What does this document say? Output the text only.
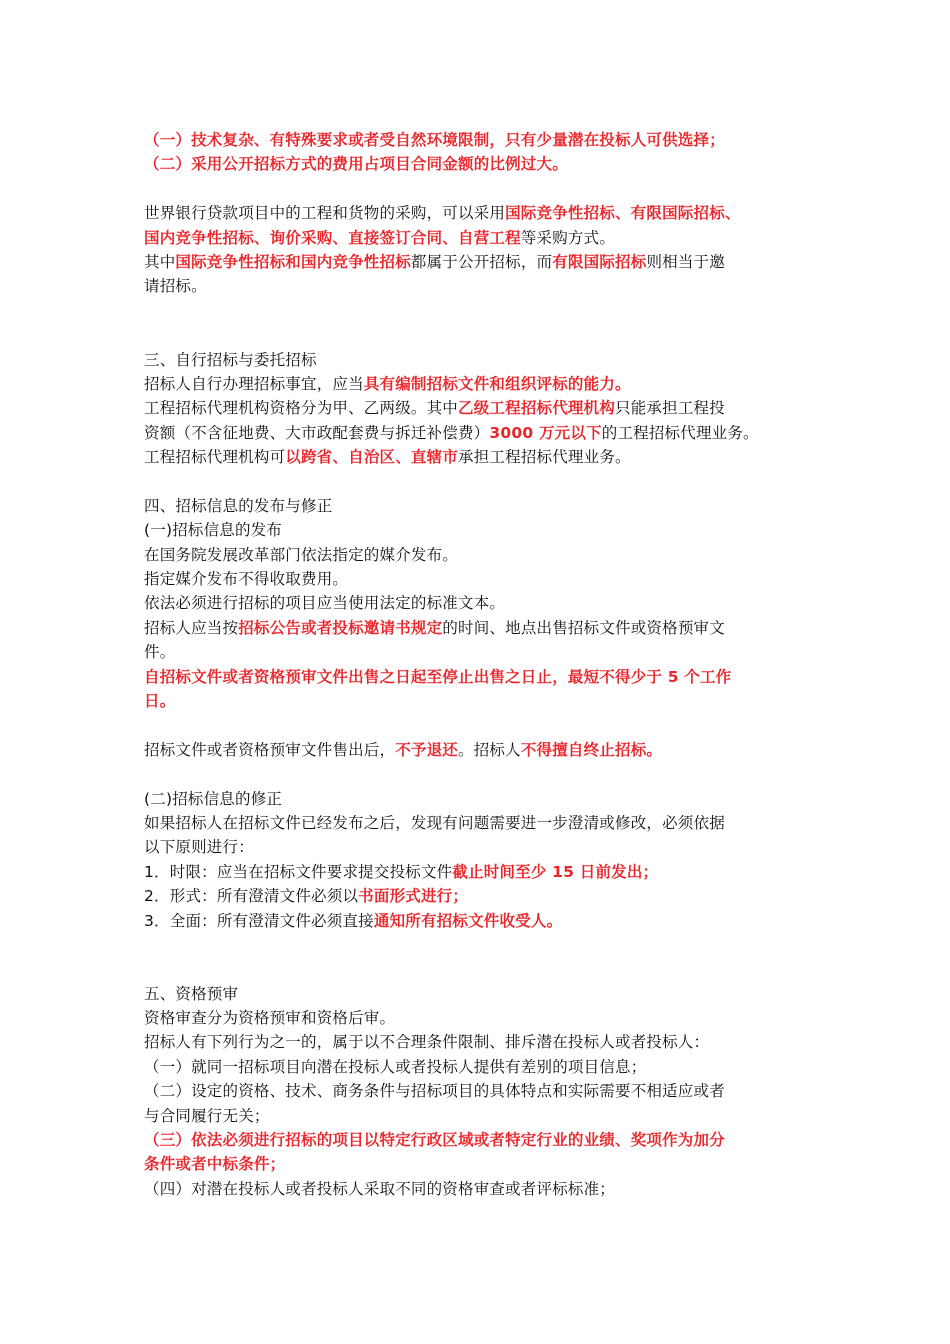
（一）技术复杂、有特殊要求或者受自然环境限制，只有少量潜在投标人可供选择；
（二）采用公开招标方式的费用占项目合同金额的比例过大。
世界银行贷款项目中的工程和货物的采购，可以采用国际竞争性招标、有限国际招标、
国内竞争性招标、询价采购、直接签订合同、自营工程等采购方式。
其中国际竞争性招标和国内竞争性招标都属于公开招标，而有限国际招标则相当于邀
请招标。
三、自行招标与委托招标
招标人自行办理招标事宜，应当具有编制招标文件和组织评标的能力。
工程招标代理机构资格分为甲、乙两级。其中乙级工程招标代理机构只能承担工程投
资额（不含征地费、大市政配套费与拆迁补偿费）3000 万元以下的工程招标代理业务。
工程招标代理机构可以跨省、自治区、直辖市承担工程招标代理业务。
四、招标信息的发布与修正
(一)招标信息的发布
在国务院发展改革部门依法指定的媒介发布。
指定媒介发布不得收取费用。
依法必须进行招标的项目应当使用法定的标准文本。
招标人应当按招标公告或者投标邀请书规定的时间、地点出售招标文件或资格预审文
件。
自招标文件或者资格预审文件出售之日起至停止出售之日止，最短不得少于 5 个工作
日。
招标文件或者资格预审文件售出后，不予退还。招标人不得擅自终止招标。
(二)招标信息的修正
如果招标人在招标文件已经发布之后，发现有问题需要进一步澄清或修改，必须依据
以下原则进行：
1．时限：应当在招标文件要求提交投标文件截止时间至少 15 日前发出；
2．形式：所有澄清文件必须以书面形式进行；
3．全面：所有澄清文件必须直接通知所有招标文件收受人。
五、资格预审
资格审查分为资格预审和资格后审。
招标人有下列行为之一的，属于以不合理条件限制、排斥潜在投标人或者投标人：
（一）就同一招标项目向潜在投标人或者投标人提供有差别的项目信息；
（二）设定的资格、技术、商务条件与招标项目的具体特点和实际需要不相适应或者
与合同履行无关；
（三）依法必须进行招标的项目以特定行政区域或者特定行业的业绩、奖项作为加分
条件或者中标条件；
（四）对潜在投标人或者投标人采取不同的资格审查或者评标标准；
